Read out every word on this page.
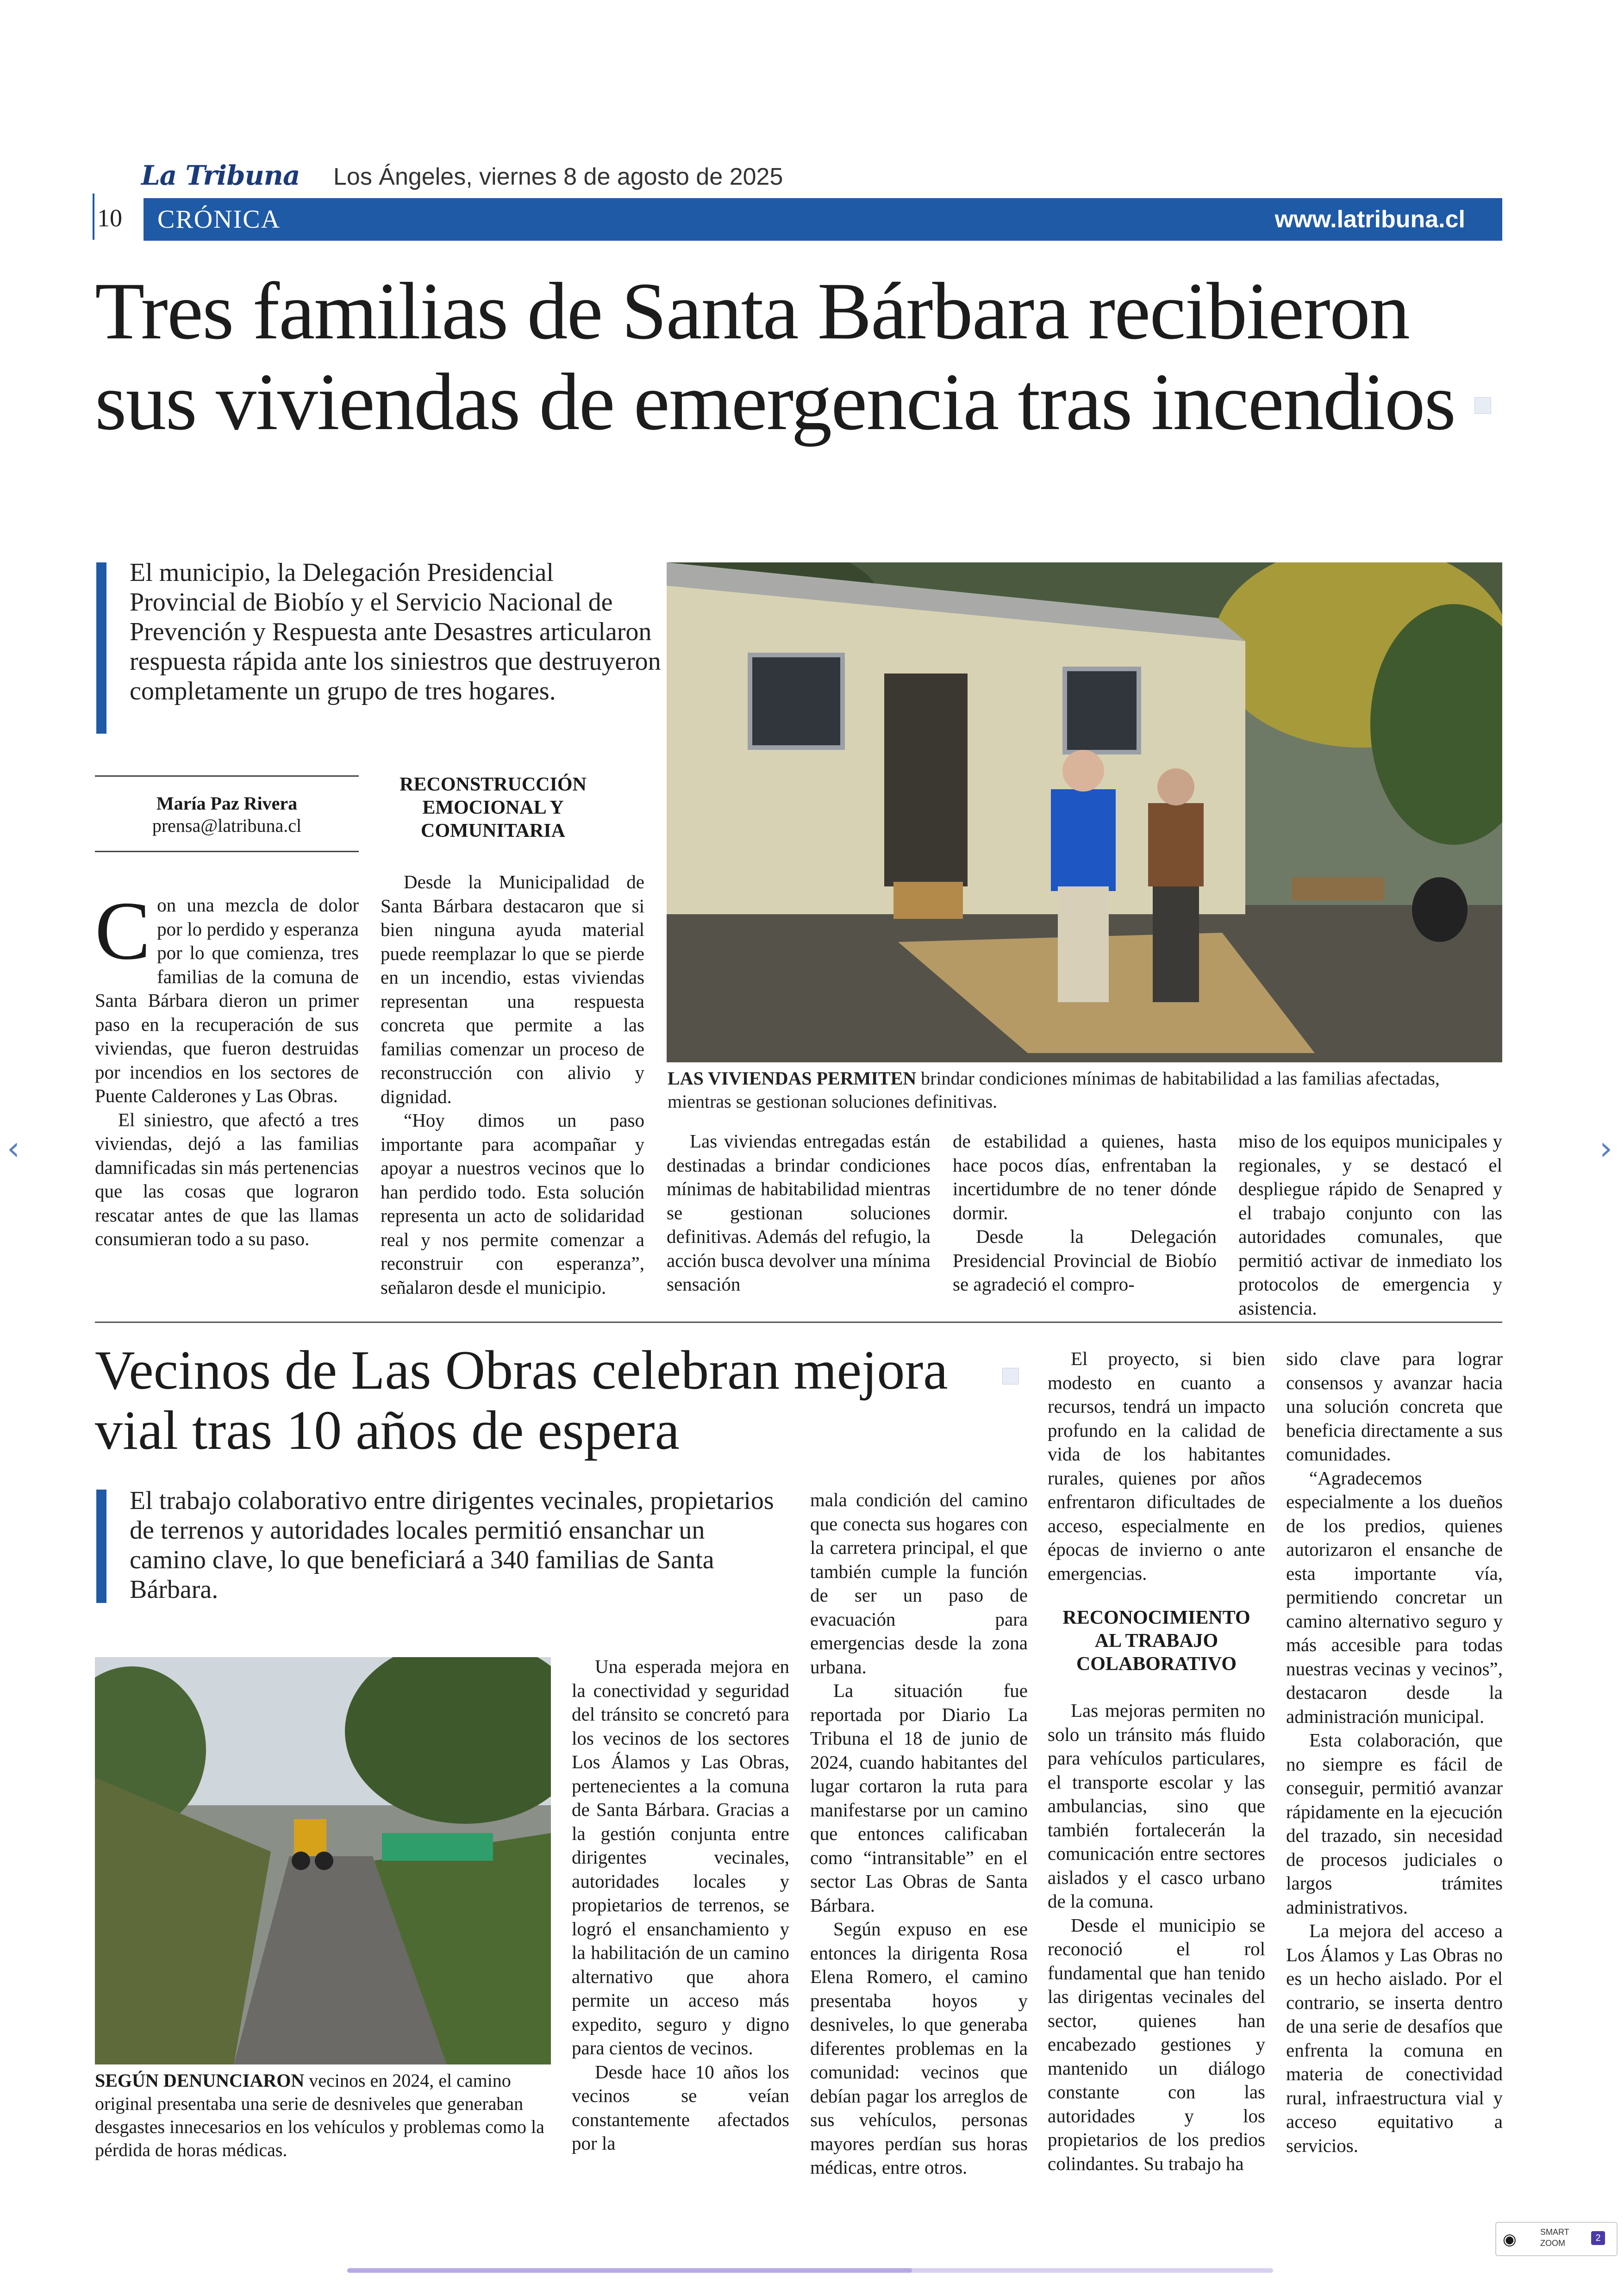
La Tribuna Los Ángeles, viernes 8 de agosto de 2025
10 CRÓNICA	www.latribuna.cl
Tres familias de Santa Bárbara recibieron sus viviendas de emergencia tras incendios
El municipio, la Delegación Presidencial Provincial de Biobío y el Servicio Nacional de Prevención y Respuesta ante Desastres articularon respuesta rápida ante los siniestros que destruyeron completamente un grupo de tres hogares.
LAS VIVIENDAS PERMITEN brindar condiciones mínimas de habitabilidad a las familias afectadas, mientras se gestionan soluciones definitivas.
María Paz Rivera
prensa@latribuna.cl

Con una mezcla de dolor por lo perdido y esperanza por lo que comienza, tres familias de la comuna de Santa Bárbara dieron un primer paso en la recuperación de sus viviendas, que fueron destruidas por incendios en los sectores de Puente Calderones y Las Obras.

El siniestro, que afectó a tres viviendas, dejó a las familias damnificadas sin más pertenencias que las cosas que lograron rescatar antes de que las llamas consumieran todo a su paso.

RECONSTRUCCIÓN EMOCIONAL Y COMUNITARIA

Desde la Municipalidad de Santa Bárbara destacaron que si bien ninguna ayuda material puede reemplazar lo que se pierde en un incendio, estas viviendas representan una respuesta concreta que permite a las familias comenzar un proceso de reconstrucción con alivio y dignidad.

“Hoy dimos un paso importante para acompañar y apoyar a nuestros vecinos que lo han perdido todo. Esta solución representa un acto de solidaridad real y nos permite comenzar a reconstruir con esperanza”, señalaron desde el municipio.

Las viviendas entregadas están destinadas a brindar condiciones mínimas de habitabilidad mientras se gestionan soluciones definitivas. Además del refugio, la acción busca devolver una mínima sensación

de estabilidad a quienes, hasta hace pocos días, enfrentaban la incertidumbre de no tener dónde dormir.

Desde la Delegación Presidencial Provincial de Biobío se agradeció el compro-

miso de los equipos municipales y regionales, y se destacó el despliegue rápido de Senapred y el trabajo conjunto con las autoridades comunales, que permitió activar de inmediato los protocolos de emergencia y asistencia.

Vecinos de Las Obras celebran mejora vial tras 10 años de espera
El trabajo colaborativo entre dirigentes vecinales, propietarios de terrenos y autoridades locales permitió ensanchar un camino clave, lo que beneficiará a 340 familias de Santa Bárbara.
SEGÚN DENUNCIARON vecinos en 2024, el camino original presentaba una serie de desniveles que generaban desgastes innecesarios en los vehículos y problemas como la pérdida de horas médicas.

Una esperada mejora en la conectividad y seguridad del tránsito se concretó para los vecinos de los sectores Los Álamos y Las Obras, pertenecientes a la comuna de Santa Bárbara. Gracias a la gestión conjunta entre dirigentes vecinales, autoridades locales y propietarios de terrenos, se logró el ensanchamiento y la habilitación de un camino alternativo que ahora permite un acceso más expedito, seguro y digno para cientos de vecinos.

Desde hace 10 años los vecinos se veían constantemente afectados por la

mala condición del camino que conecta sus hogares con la carretera principal, el que también cumple la función de ser un paso de evacuación para emergencias desde la zona urbana.

La situación fue reportada por Diario La Tribuna el 18 de junio de 2024, cuando habitantes del lugar cortaron la ruta para manifestarse por un camino que entonces calificaban como “intransitable” en el sector Las Obras de Santa Bárbara.

Según expuso en ese entonces la dirigenta Rosa Elena Romero, el camino presentaba hoyos y desniveles, lo que generaba diferentes problemas en la comunidad: vecinos que debían pagar los arreglos de sus vehículos, personas mayores perdían sus horas médicas, entre otros.

El proyecto, si bien modesto en cuanto a recursos, tendrá un impacto profundo en la calidad de vida de los habitantes rurales, quienes por años enfrentaron dificultades de acceso, especialmente en épocas de invierno o ante emergencias.

RECONOCIMIENTO AL TRABAJO COLABORATIVO

Las mejoras permiten no solo un tránsito más fluido para vehículos particulares, el transporte escolar y las ambulancias, sino que también fortalecerán la comunicación entre sectores aislados y el casco urbano de la comuna.

Desde el municipio se reconoció el rol fundamental que han tenido las dirigentas vecinales del sector, quienes han encabezado gestiones y mantenido un diálogo constante con las autoridades y los propietarios de los predios colindantes. Su trabajo ha

sido clave para lograr consensos y avanzar hacia una solución concreta que beneficia directamente a sus comunidades.

“Agradecemos especialmente a los dueños de los predios, quienes autorizaron el ensanche de esta importante vía, permitiendo concretar un camino alternativo seguro y más accesible para todas nuestras vecinas y vecinos”, destacaron desde la administración municipal.

Esta colaboración, que no siempre es fácil de conseguir, permitió avanzar rápidamente en la ejecución del trazado, sin necesidad de procesos judiciales o largos trámites administrativos.

La mejora del acceso a Los Álamos y Las Obras no es un hecho aislado. Por el contrario, se inserta dentro de una serie de desafíos que enfrenta la comuna en materia de conectividad rural, infraestructura vial y acceso equitativo a servicios.

‹	›
◉	SMART ZOOM	2
